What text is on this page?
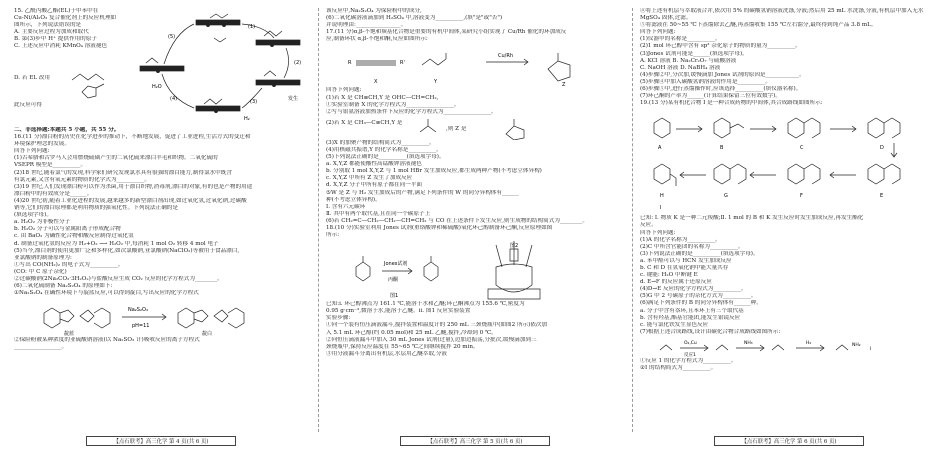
15. 乙酰丙酸乙酯(EL)于甲苯中在

Cu-Ni/Al₂O₃ 复合催化剂上的反应机理如

图所示，下列说法错误的是

A. 主要反应过程为加成和取代

B. 第(3)步中 H⁺ 提供作用的原子

C. 上述反应中消耗 KMnO₄ 溶液褪色

D. 若 EL 改用

此反应可得

(1)
(2)
(3)
(4)
(5)
发生
H₂
H₂O

二、非选择题:本题共 5 小题，共 55 分。

16.(11 分)漂白粉的历史在化学进步的推动下，不断地发展，促进了工业进程,生活方式的变迁和

环境保护理念的发展。

回答下列问题:

(1)古希腊和古罗马人会用燃烧硫磺产生的二氧化硫来漂白羊毛和织物。二氧化硫的

VSEPR 模型是__________。

(2)18 世纪,随着氯气的发现,科学家们研究发现氯水具有很强的漂白能力,制得氯水中既含

有氯元素,又含有氧元素的物质的化学式为__________。

(3)19 世纪,人们发现漂白粉可以作为杀菌,用于漂白织物,消毒剂,漂白的对象,有的也是产物的用途

漂白粉中的有效成分是______。

(4)20 世纪初,随着工业化进程的发展,越来越多的新型漂白剂出现,如过氧化氢,过氧化钠,过碳酸

钠等,它们的漂白原理都是利用物质的强氧化性。下列说法正确的是

(填选项字母)。

a. H₂O₂ 为非极性分子

b. H₂O₂ 分子可以与金属阳离子形成配合物

c. 由 BaO₂ 为碱性化合物和酸反应制得过氧化氢

d. 制备过氧化氢的反应为 H₂+O₂ ⟶ H₂O₂ 中,每消耗 1 mol O₂ 转移 4 mol 电子

(5)当今,漂白剂的使用更加广泛和多样化,如次氯酸钠,亚氯酸钠(NaClO₂)等被用于食品漂白,

亚氯酸钠的制备原理为:

①写出 CO(NH₂)₂ 的电子式为__________。

(CO: 中 C 原子杂化)

②过碳酸钠(2Na₂CO₃·3H₂O₂)与盐酸反应生成 CO₂ 反应的化学方程式为________。

(6)二氧化硫制备 Na₂S₂O₄ 的原理如下:

①Na₂S₂O₄ 在碱性环境下与靛蓝反应,可以得到靛白,写出反应的化学方程式

靛蓝
Na₂S₂O₄
pH=11
靛白

②保险粉被某种浓度的亚硫酸钠溶液(以 Na₂SO₃ 计)吸收反应的离子方程式

_________________。

该反应中,Na₂S₂O₄ 为保险粉中的成分,

(6)二氧化碳溶液滴加到 H₂SO₄ 中,溶液变为__________,(填"是"或"否")

并说明理由:________________。

17.(11 分)α,β-不饱和羰基化合物是重要的有机中间体,某研究小组实现了 Cu/Rh 催化的环加成反

应,制备环状 α,β-不饱和酮,反应如图所示:

R	R'
X	Y
Cu/Rh
Z

回答下列问题:

(1)若 X 是 CH≡CH,Y 是 OHC—CH=CH₂,

①实验室制备 X 的化学方程式为_________________。

②写与银氨溶液加热条件下反应的化学方程式为_________________。

(2)若 X 是 CH₃—C≡CH,Y 是

,则 Z 是

(3)X 的加聚产物的结构简式为__________。

(4)用核磁共振谱,Y 的化学名称是__________。

(5)下列说法正确的是__________(填选项字母)。

a. X,Y,Z 都能使酸性高锰酸钾溶液褪色

b. 分别取 1 mol X,Y,Z 与 1 mol HBr 发生加成反应,都生成两种产物(不考虑立体异构)

c. X,Y,Z 中所有 Z 发生了加成反应

d. X,Y,Z 分子中所有原子都在同一平面

⑤W 是 Z 与 H₂ 发生加成后的产物,满足下列条件的 W 的同分异构体有______

种(不考虑立体异构)。

Ⅰ. 含有六元碳环

Ⅱ. 其中有两个取代基,且在同一个碳原子上

(6)若 CH₂=C—CH₂—CH₂—CH=CH₂ 与 CO 在上述条件下发生反应,则生成物的结构简式为________。

18.(10 分)实验室利用 Jones 试剂(重铬酸钾和稀硫酸)氧化环己醇制备环己酮,反应原理如图

所示:

Jones试剂
丙酮
图1
图2

已知:ⅰ. 环己醇沸点为 161.1 ℃,能溶于水和乙醚;环己酮沸点为 155.6 ℃,密度为

0.95 g·cm⁻³,微溶于水,能溶于乙醚。ⅱ. 图1 反应实验装置

实验步骤:

①向一个装有恒压滴液漏斗,搅拌装置和温度计的 250 mL 三颈烧瓶中(如图2 所示)依次加

入 5.1 mL 环己醇(约 0.05 mol)和 25 mL 乙醚,搅拌,冷却到 0 ℃。

②向恒压滴液漏斗中加入 30 mL Jones 试剂(过量),边加边振荡,分批次,缓慢滴加到三

颈烧瓶中,保持反应温度在 55~65 ℃之间继续搅拌 20 min。

③用分液漏斗分离出有机层,水层用乙醚萃取,分液

④将上述有机层与萃取液合并,依次用 5% 的碳酸氢钠溶液洗涤,分液;然后用 25 mL 水洗涤,分液,有机层中加入无水

MgSO₄ 固体,过滤。

⑤将滤液在 50~55 ℃下蒸馏除去乙醚,再蒸馏收集 155 ℃左右馏分,最终得到纯产品 3.8 mL。

回答下列问题:

(1)仪器甲的名称是__________。

(2)1 mol 环己醇中含有 sp³ 杂化原子的物质的量为__________。

(3)Jones 试剂可能是______(填选项字母)。

A. KCl 溶液 B. Na₂Cr₂O₇ 与硫酸溶液

C. NaOH 溶液 D. NaBH₄ 溶液

(4)步骤②中,分次加,缓慢滴加 Jones 试剂的原因是____________。

(5)步骤④中加入碳酸氢钠溶液的作用是__________。

(6)步骤⑤中,进行蒸馏操作时,应该选择__________(填仪器名称)。

(7)环己酮的产率为______(计算结果保留三位有效数字)。

19.(13 分)某有机化合物 I 是一种合成药物的中间体,其合成路线如图所示:

A	B	C	D
E
F
G
H
I

已知: Ⅰ. 物质 K 是一种二元羧酸;Ⅱ. 1 mol 的 B 和 K 发生反应时发生加成反应,再发生酯化

反应。

回答下列问题:

(1)A 的化学名称为__________。

(2)C 中所含官能团的名称为__________。

(3)下列说法正确的是__________(填选项字母)。

a. 苯甲醛可以与 HCN 发生加成反应

b. C 和 D 在氢氧化钠中能大量共存

c. 键能: H₂O 中断键 E

d. E→F 的反应属于还原反应

(4)D→E 反应的化学方程式为__________。

(5)G 中 2 号碳原子的杂化方式为__________。

(6)满足下列条件的 B 的同分异构体有______种。

a. 分子中含有萘环,且苯环上有三个取代基

b. 含有羟基,酯基官能团,能发生银镜反应

c. 能与氯化铁发生显色反应

(7)根据上述合成路线,设计由碳化合物合成路线如图所示:

O₂,Cu	NH₃	H₂	NH₂
反应1
I

①反应 1 的化学方程式为__________。

②I 的结构简式为__________。

【点石联考】高三化学 第 4 页(共 6 页)	【点石联考】高三化学 第 5 页(共 6 页)	【点石联考】高三化学 第 6 页(共 6 页)
